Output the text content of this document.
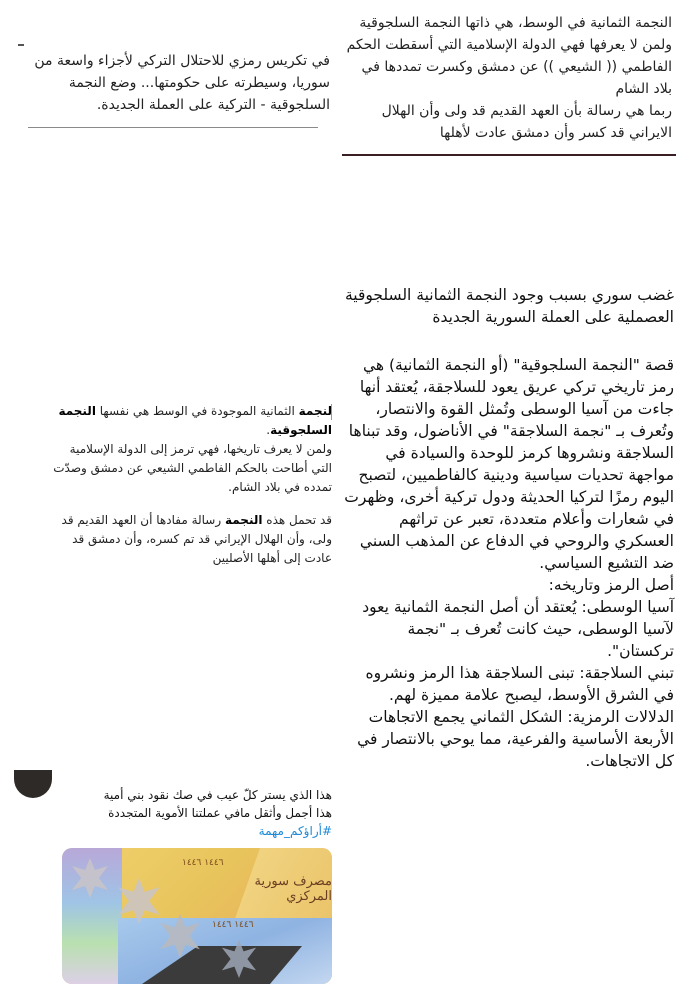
النجمة الثمانية في الوسط، هي ذاتها النجمة السلجوقية

ولمن لا يعرفها فهي الدولة الإسلامية التي أسقطت الحكم الفاطمي (( الشيعي )) عن دمشق وكسرت تمددها في بلاد الشام

ربما هي رسالة بأن العهد القديم قد ولى وأن الهلال الايراني قد كسر وأن دمشق عادت لأهلها

في تكريس رمزي للاحتلال التركي لأجزاء واسعة من سوريا، وسيطرته على حكومتها... وضع النجمة السلجوقية - التركية على العملة الجديدة.

غضب سوري بسبب وجود النجمة الثمانية السلجوقية العصملية على العملة السورية الجديدة

قصة "النجمة السلجوقية" (أو النجمة الثمانية) هي رمز تاريخي تركي عريق يعود للسلاجقة، يُعتقد أنها جاءت من آسيا الوسطى وتُمثل القوة والانتصار، وتُعرف بـ "نجمة السلاجقة" في الأناضول، وقد تبناها السلاجقة ونشروها كرمز للوحدة والسيادة في مواجهة تحديات سياسية ودينية كالفاطميين، لتصبح اليوم رمزًا لتركيا الحديثة ودول تركية أخرى، وظهرت في شعارات وأعلام متعددة، تعبر عن تراثهم العسكري والروحي في الدفاع عن المذهب السني ضد التشيع السياسي.

أصل الرمز وتاريخه:

آسيا الوسطى: يُعتقد أن أصل النجمة الثمانية يعود لآسيا الوسطى، حيث كانت تُعرف بـ "نجمة تركستان".

تبني السلاجقة: تبنى السلاجقة هذا الرمز ونشروه في الشرق الأوسط، ليصبح علامة مميزة لهم.

الدلالات الرمزية: الشكل الثماني يجمع الاتجاهات الأربعة الأساسية والفرعية، مما يوحي بالانتصار في كل الاتجاهات.

لنجمة الثمانية الموجودة في الوسط هي نفسها النجمة السلجوقية.

ولمن لا يعرف تاريخها، فهي ترمز إلى الدولة الإسلامية التي أطاحت بالحكم الفاطمي الشيعي عن دمشق وصدّت تمدده في بلاد الشام.

قد تحمل هذه النجمة رسالة مفادها أن العهد القديم قد ولى، وأن الهلال الإيراني قد تم كسره، وأن دمشق قد عادت إلى أهلها الأصليين

هذا الذي يستر كلّ عيب في صك نقود بني أمية

هذا أجمل وأثقل مافي عملتنا الأموية المتجددة

#أراؤكم_مهمة

١٤٤٦ ١٤٤٦
١٤٤٦ ١٤٤٦
مصرف سورية المركزي
